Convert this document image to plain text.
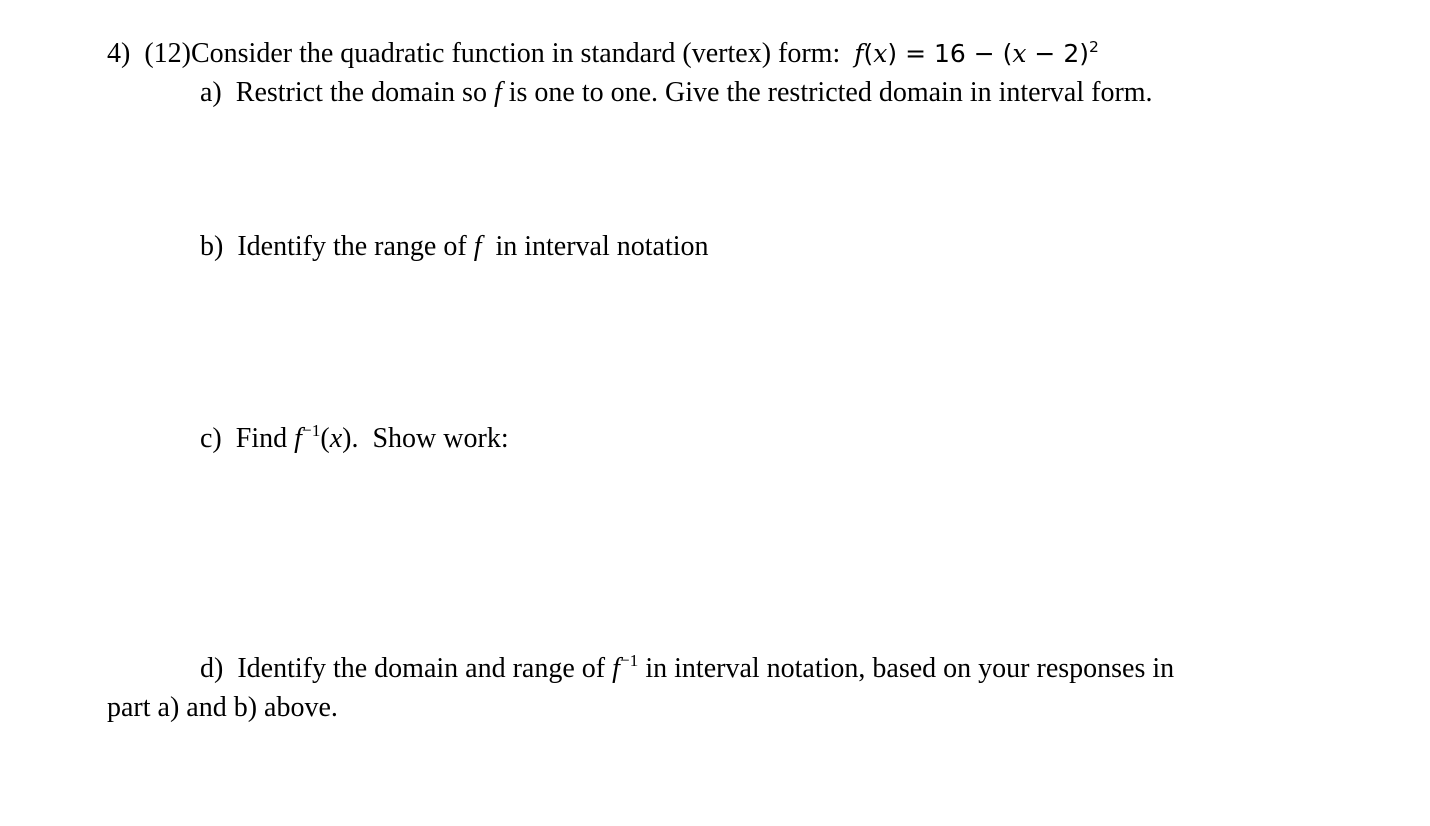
4) (12)Consider the quadratic function in standard (vertex) form: $f(x) = 16 - (x - 2)^2$
a) Restrict the domain so f is one to one. Give the restricted domain in interval form.
b) Identify the range of f in interval notation
c) Find $f^{-1}(x)$. Show work:
d) Identify the domain and range of $f^{-1}$ in interval notation, based on your responses in
part a) and b) above.
